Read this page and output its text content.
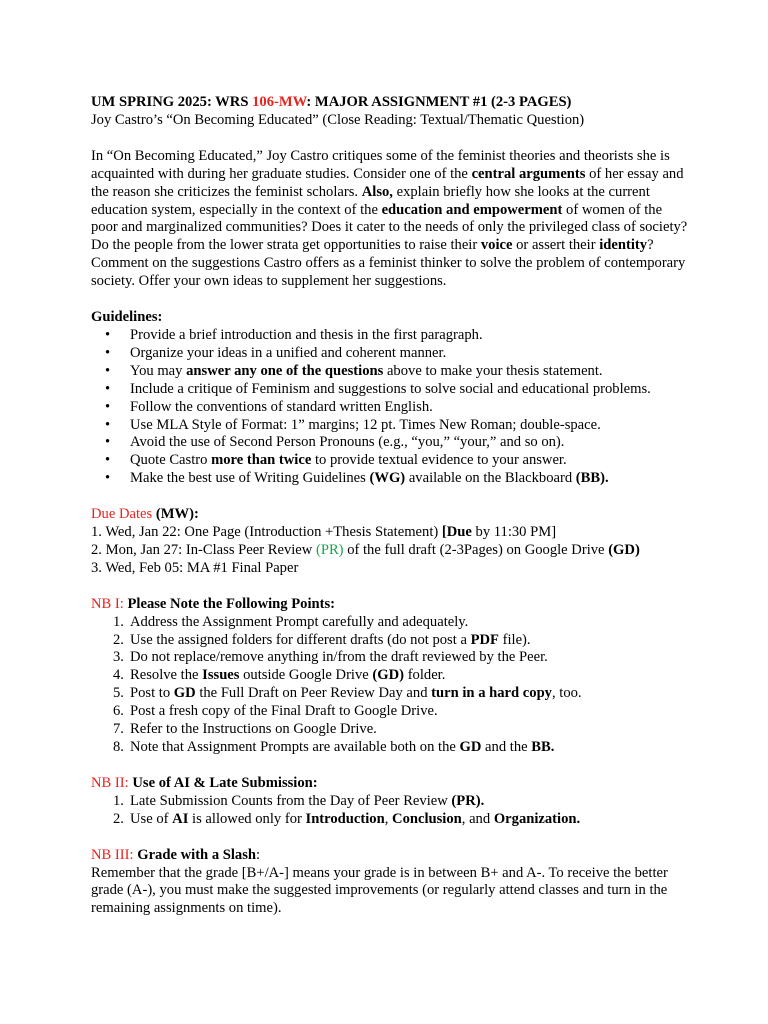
UM SPRING 2025: WRS 106-MW: MAJOR ASSIGNMENT #1 (2-3 PAGES)

Joy Castro’s “On Becoming Educated” (Close Reading: Textual/Thematic Question)

In “On Becoming Educated,” Joy Castro critiques some of the feminist theories and theorists she is acquainted with during her graduate studies. Consider one of the central arguments of her essay and the reason she criticizes the feminist scholars. Also, explain briefly how she looks at the current education system, especially in the context of the education and empowerment of women of the poor and marginalized communities? Does it cater to the needs of only the privileged class of society? Do the people from the lower strata get opportunities to raise their voice or assert their identity? Comment on the suggestions Castro offers as a feminist thinker to solve the problem of contemporary society. Offer your own ideas to supplement her suggestions.

Guidelines:

• Provide a brief introduction and thesis in the first paragraph.
• Organize your ideas in a unified and coherent manner.
• You may answer any one of the questions above to make your thesis statement.
• Include a critique of Feminism and suggestions to solve social and educational problems.
• Follow the conventions of standard written English.
• Use MLA Style of Format: 1” margins; 12 pt. Times New Roman; double-space.
• Avoid the use of Second Person Pronouns (e.g., “you,” “your,” and so on).
• Quote Castro more than twice to provide textual evidence to your answer.
• Make the best use of Writing Guidelines (WG) available on the Blackboard (BB).

Due Dates (MW):

1. Wed, Jan 22: One Page (Introduction +Thesis Statement) [Due by 11:30 PM]

2. Mon, Jan 27: In-Class Peer Review (PR) of the full draft (2-3Pages) on Google Drive (GD)

3. Wed, Feb 05: MA #1 Final Paper

NB I: Please Note the Following Points:

1. Address the Assignment Prompt carefully and adequately.
2. Use the assigned folders for different drafts (do not post a PDF file).
3. Do not replace/remove anything in/from the draft reviewed by the Peer.
4. Resolve the Issues outside Google Drive (GD) folder.
5. Post to GD the Full Draft on Peer Review Day and turn in a hard copy, too.
6. Post a fresh copy of the Final Draft to Google Drive.
7. Refer to the Instructions on Google Drive.
8. Note that Assignment Prompts are available both on the GD and the BB.

NB II: Use of AI & Late Submission:

1. Late Submission Counts from the Day of Peer Review (PR).
2. Use of AI is allowed only for Introduction, Conclusion, and Organization.

NB III: Grade with a Slash:

Remember that the grade [B+/A-] means your grade is in between B+ and A-. To receive the better grade (A-), you must make the suggested improvements (or regularly attend classes and turn in the remaining assignments on time).
